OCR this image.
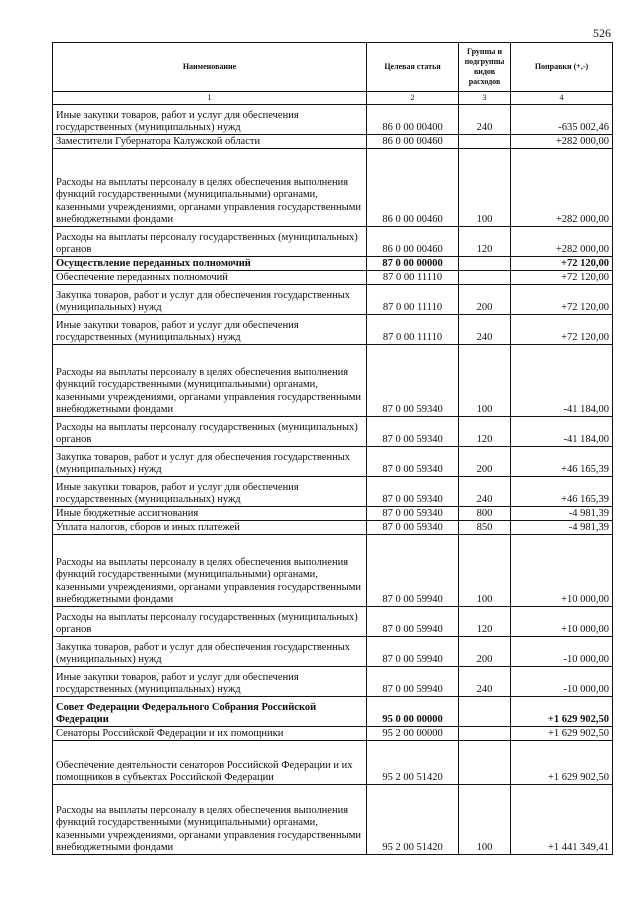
526
Наименование	Целевая статья	Группы и подгруппы видов расходов	Поправки (+,-)
1	2	3	4
Иные закупки товаров, работ и услуг для обеспечения государственных (муниципальных) нужд	86 0 00 00400	240	-635 002,46
Заместители Губернатора Калужской области	86 0 00 00460		+282 000,00
Расходы на выплаты персоналу в целях обеспечения выполнения функций государственными (муниципальными) органами, казенными учреждениями, органами управления государственными внебюджетными фондами	86 0 00 00460	100	+282 000,00
Расходы на выплаты персоналу государственных (муниципальных) органов	86 0 00 00460	120	+282 000,00
Осуществление переданных полномочий	87 0 00 00000		+72 120,00
Обеспечение переданных полномочий	87 0 00 11110		+72 120,00
Закупка товаров, работ и услуг для обеспечения государственных (муниципальных) нужд	87 0 00 11110	200	+72 120,00
Иные закупки товаров, работ и услуг для обеспечения государственных (муниципальных) нужд	87 0 00 11110	240	+72 120,00
Расходы на выплаты персоналу в целях обеспечения выполнения функций государственными (муниципальными) органами, казенными учреждениями, органами управления государственными внебюджетными фондами	87 0 00 59340	100	-41 184,00
Расходы на выплаты персоналу государственных (муниципальных) органов	87 0 00 59340	120	-41 184,00
Закупка товаров, работ и услуг для обеспечения государственных (муниципальных) нужд	87 0 00 59340	200	+46 165,39
Иные закупки товаров, работ и услуг для обеспечения государственных (муниципальных) нужд	87 0 00 59340	240	+46 165,39
Иные бюджетные ассигнования	87 0 00 59340	800	-4 981,39
Уплата налогов, сборов и иных платежей	87 0 00 59340	850	-4 981,39
Расходы на выплаты персоналу в целях обеспечения выполнения функций государственными (муниципальными) органами, казенными учреждениями, органами управления государственными внебюджетными фондами	87 0 00 59940	100	+10 000,00
Расходы на выплаты персоналу государственных (муниципальных) органов	87 0 00 59940	120	+10 000,00
Закупка товаров, работ и услуг для обеспечения государственных (муниципальных) нужд	87 0 00 59940	200	-10 000,00
Иные закупки товаров, работ и услуг для обеспечения государственных (муниципальных) нужд	87 0 00 59940	240	-10 000,00
Совет Федерации Федерального Собрания Российской Федерации	95 0 00 00000		+1 629 902,50
Сенаторы Российской Федерации и их помощники	95 2 00 00000		+1 629 902,50
Обеспечение деятельности сенаторов Российской Федерации и их помощников в субъектах Российской Федерации	95 2 00 51420		+1 629 902,50
Расходы на выплаты персоналу в целях обеспечения выполнения функций государственными (муниципальными) органами, казенными учреждениями, органами управления государственными внебюджетными фондами	95 2 00 51420	100	+1 441 349,41
